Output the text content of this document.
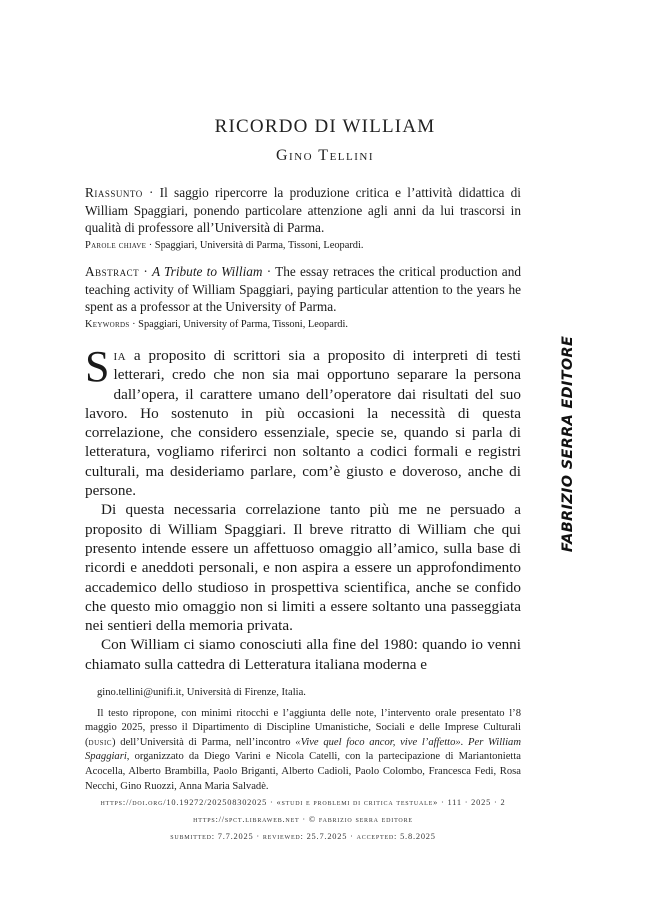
RICORDO DI WILLIAM
Gino Tellini

Riassunto · Il saggio ripercorre la produzione critica e l’attività didattica di William Spaggiari, ponendo particolare attenzione agli anni da lui trascorsi in qualità di professore all’Università di Parma.

Parole chiave · Spaggiari, Università di Parma, Tissoni, Leopardi.

Abstract · A Tribute to William · The essay retraces the critical production and teaching activity of William Spaggiari, paying particular attention to the years he spent as a professor at the University of Parma.

Keywords · Spaggiari, University of Parma, Tissoni, Leopardi.

Sia a proposito di scrittori sia a proposito di interpreti di testi letterari, credo che non sia mai opportuno separare la persona dall’opera, il carattere umano dell’operatore dai risultati del suo lavoro. Ho sostenuto in più occasioni la necessità di questa correlazione, che considero essenziale, specie se, quando si parla di letteratura, vogliamo riferirci non soltanto a codici formali e registri culturali, ma desideriamo parlare, com’è giusto e doveroso, anche di persone.

Di questa necessaria correlazione tanto più me ne persuado a proposito di William Spaggiari. Il breve ritratto di William che qui presento intende essere un affettuoso omaggio all’amico, sulla base di ricordi e aneddoti personali, e non aspira a essere un approfondimento accademico dello studioso in prospettiva scientifica, anche se confido che questo mio omaggio non si limiti a essere soltanto una passeggiata nei sentieri della memoria privata.

Con William ci siamo conosciuti alla fine del 1980: quando io venni chiamato sulla cattedra di Letteratura italiana moderna e

gino.tellini@unifi.it, Università di Firenze, Italia.

Il testo ripropone, con minimi ritocchi e l’aggiunta delle note, l’intervento orale presentato l’8 maggio 2025, presso il Dipartimento di Discipline Umanistiche, Sociali e delle Imprese Culturali (dusic) dell’Università di Parma, nell’incontro «Vive quel foco ancor, vive l’affetto». Per William Spaggiari, organizzato da Diego Varini e Nicola Catelli, con la partecipazione di Mariantonietta Acocella, Alberto Brambilla, Paolo Briganti, Alberto Cadioli, Paolo Colombo, Francesca Fedi, Rosa Necchi, Gino Ruozzi, Anna Maria Salvadè.

https://doi.org/10.19272/202508302025 · «studi e problemi di critica testuale» · 111 · 2025 · 2
https://spct.libraweb.net · © fabrizio serra editore
submitted: 7.7.2025 · reviewed: 25.7.2025 · accepted: 5.8.2025
FABRIZIO SERRA EDITORE
